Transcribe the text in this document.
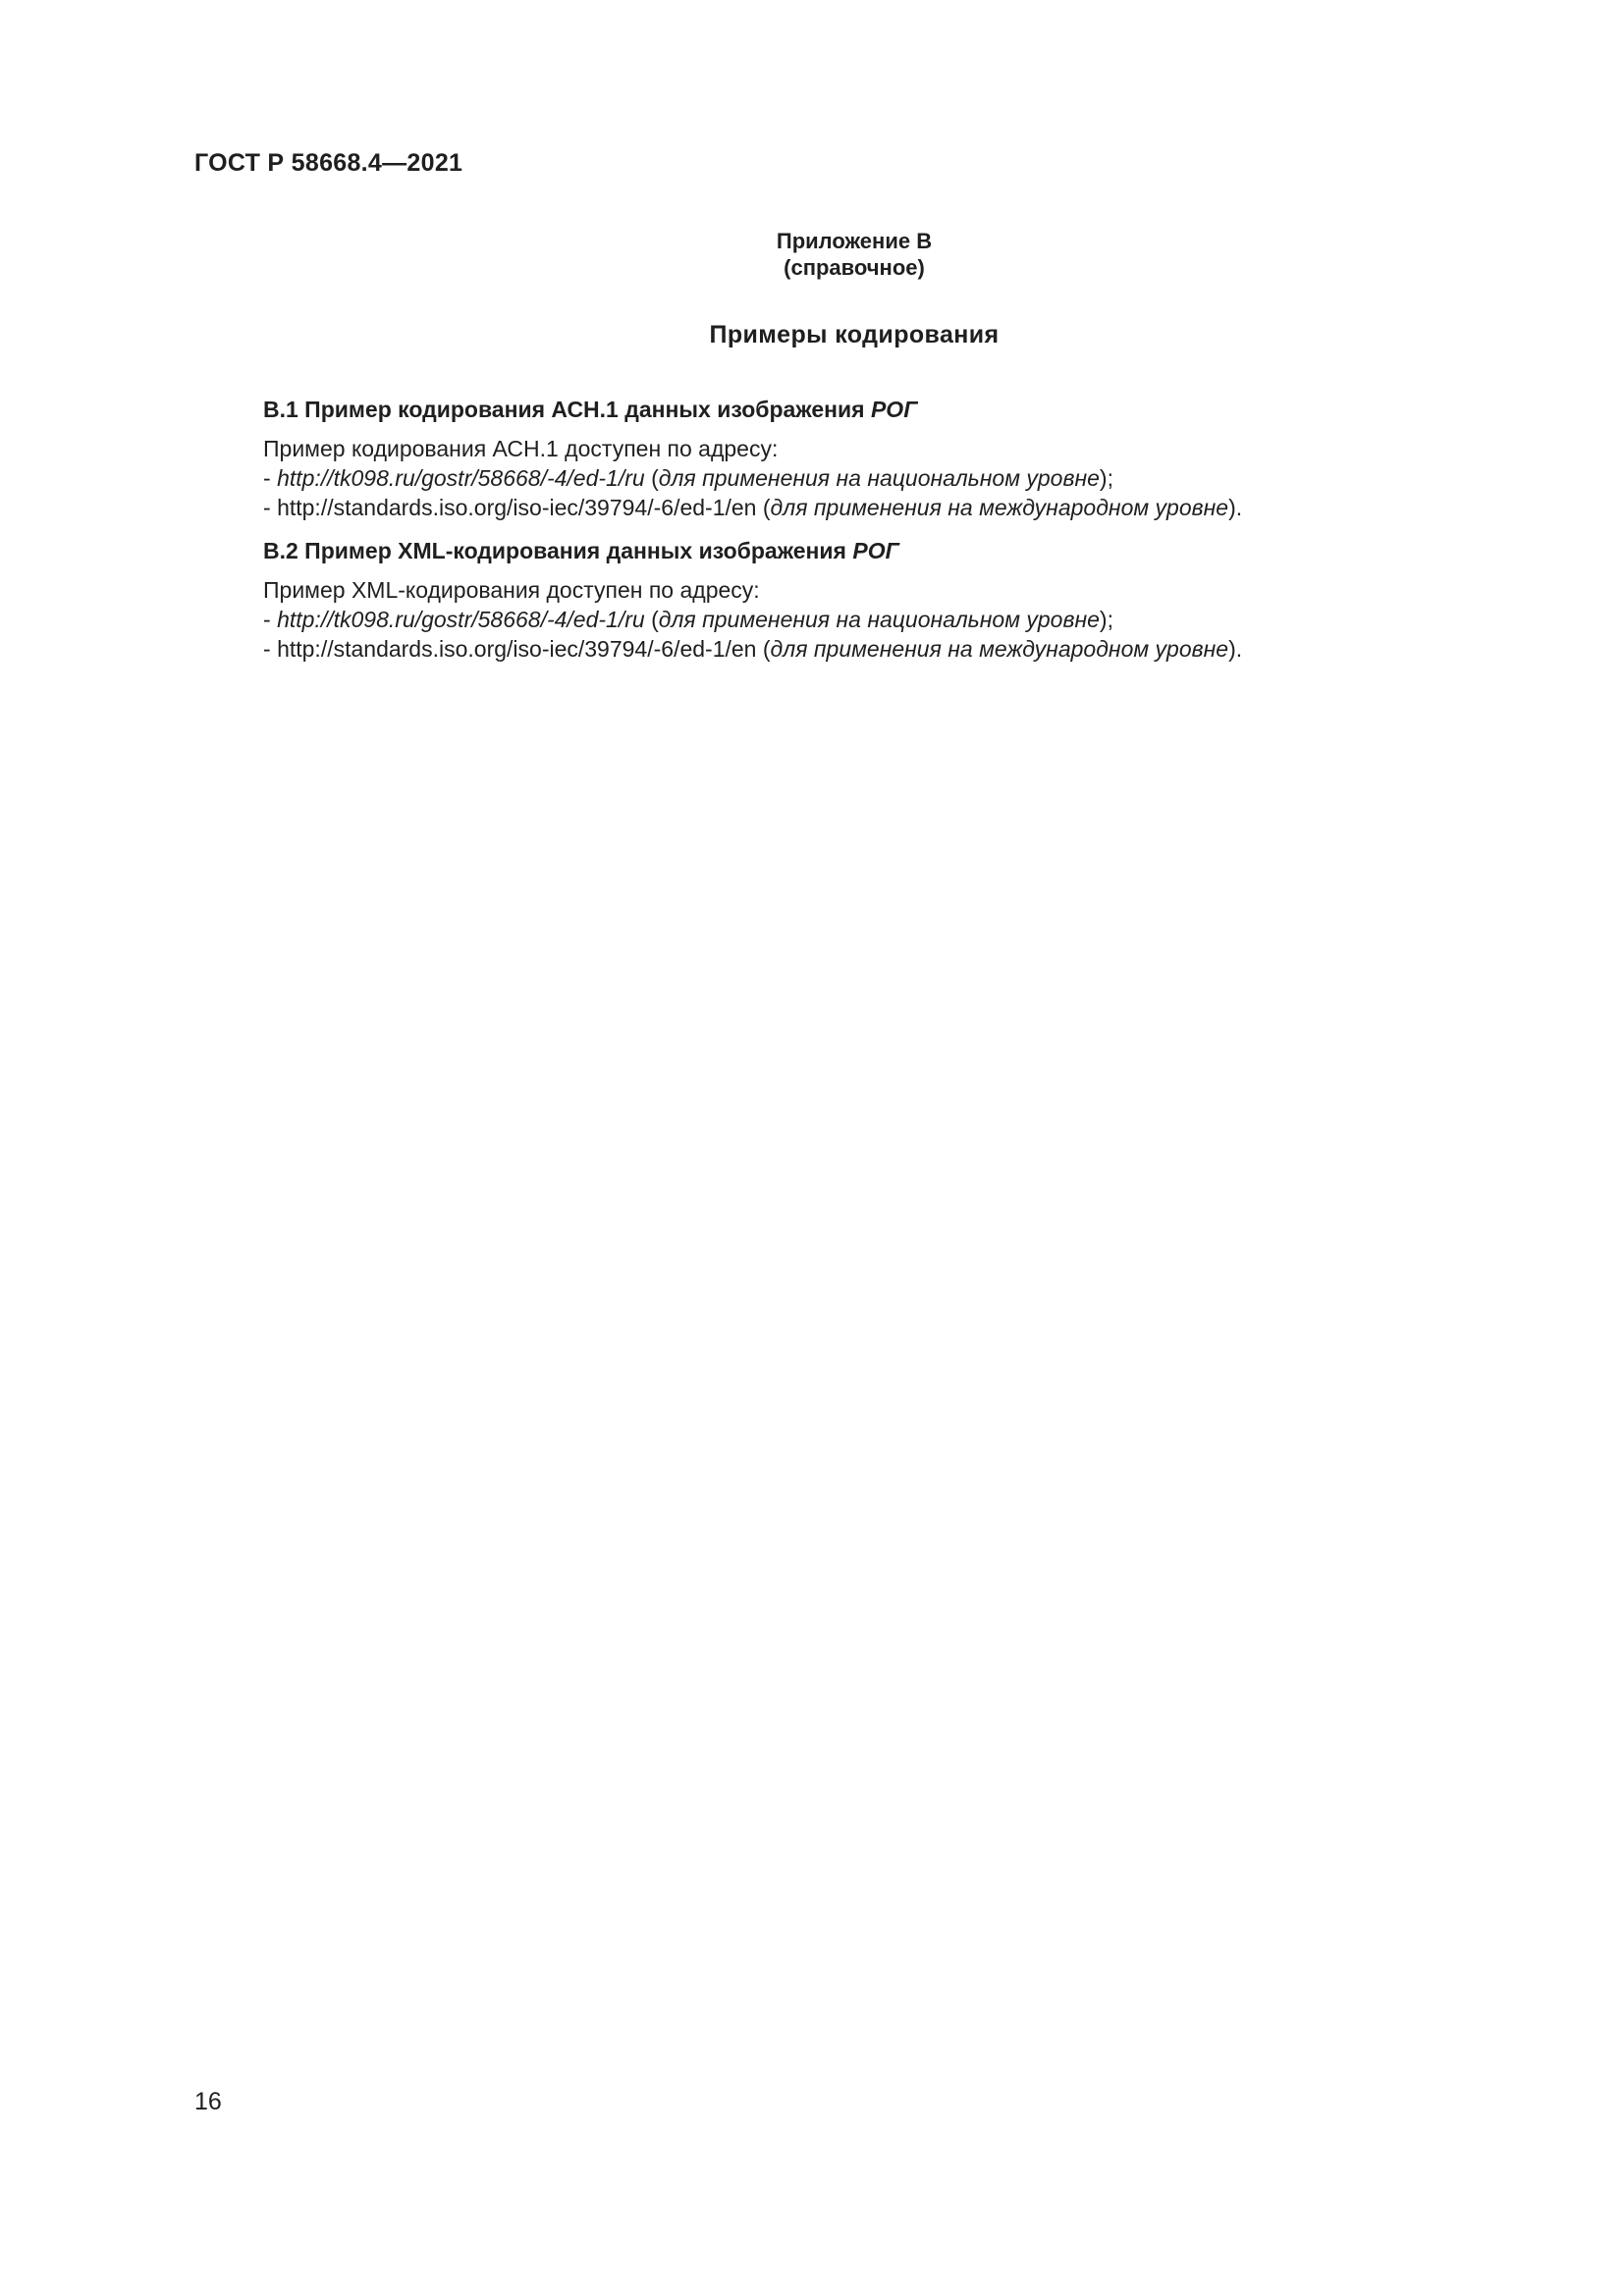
ГОСТ Р 58668.4—2021
Приложение В
(справочное)
Примеры кодирования

В.1 Пример кодирования АСН.1 данных изображения РОГ

Пример кодирования АСН.1 доступен по адресу:

- http://tk098.ru/gostr/58668/-4/ed-1/ru (для применения на национальном уровне);

- http://standards.iso.org/iso-iec/39794/-6/ed-1/en (для применения на международном уровне).

В.2 Пример XML-кодирования данных изображения РОГ

Пример XML-кодирования доступен по адресу:

- http://tk098.ru/gostr/58668/-4/ed-1/ru (для применения на национальном уровне);

- http://standards.iso.org/iso-iec/39794/-6/ed-1/en (для применения на международном уровне).

16
